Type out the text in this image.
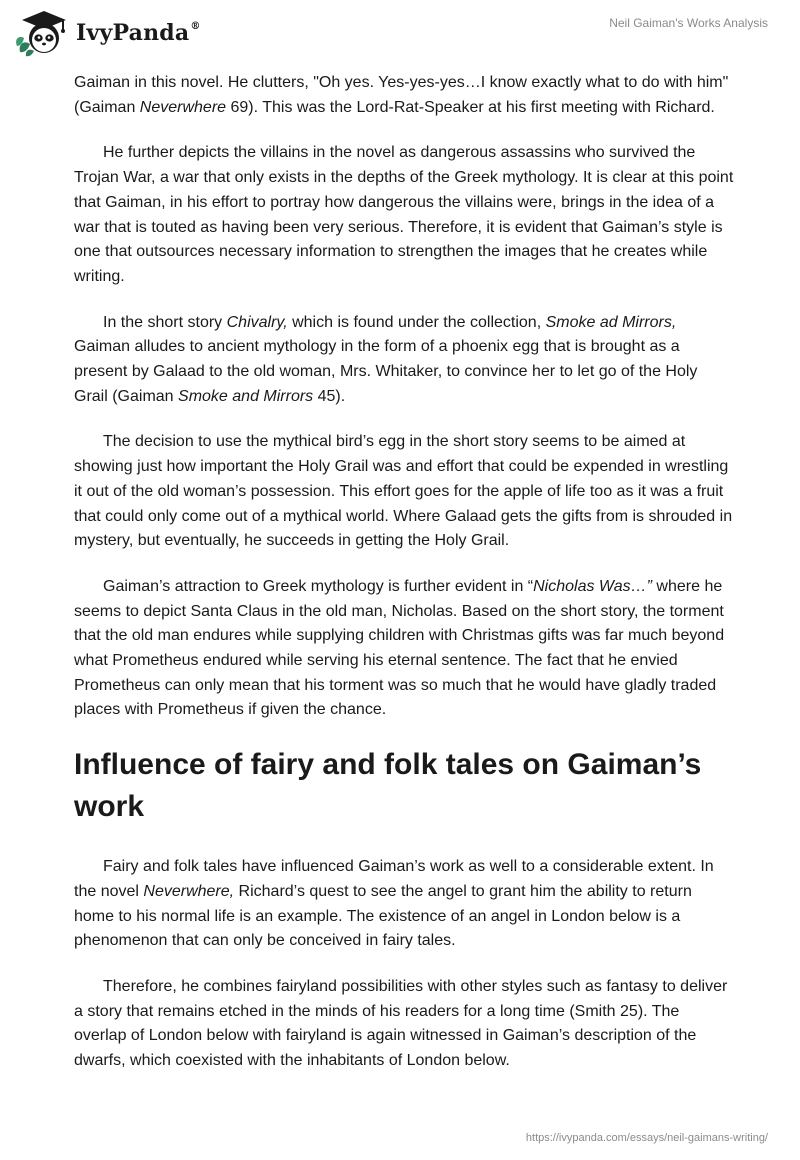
IvyPanda®	Neil Gaiman's Works Analysis

Gaiman in this novel. He clutters, "Oh yes. Yes-yes-yes…I know exactly what to do with him" (Gaiman Neverwhere 69). This was the Lord-Rat-Speaker at his first meeting with Richard.

He further depicts the villains in the novel as dangerous assassins who survived the Trojan War, a war that only exists in the depths of the Greek mythology. It is clear at this point that Gaiman, in his effort to portray how dangerous the villains were, brings in the idea of a war that is touted as having been very serious. Therefore, it is evident that Gaiman’s style is one that outsources necessary information to strengthen the images that he creates while writing.

In the short story Chivalry, which is found under the collection, Smoke ad Mirrors, Gaiman alludes to ancient mythology in the form of a phoenix egg that is brought as a present by Galaad to the old woman, Mrs. Whitaker, to convince her to let go of the Holy Grail (Gaiman Smoke and Mirrors 45).

The decision to use the mythical bird’s egg in the short story seems to be aimed at showing just how important the Holy Grail was and effort that could be expended in wrestling it out of the old woman’s possession. This effort goes for the apple of life too as it was a fruit that could only come out of a mythical world. Where Galaad gets the gifts from is shrouded in mystery, but eventually, he succeeds in getting the Holy Grail.

Gaiman’s attraction to Greek mythology is further evident in “Nicholas Was…” where he seems to depict Santa Claus in the old man, Nicholas. Based on the short story, the torment that the old man endures while supplying children with Christmas gifts was far much beyond what Prometheus endured while serving his eternal sentence. The fact that he envied Prometheus can only mean that his torment was so much that he would have gladly traded places with Prometheus if given the chance.

Influence of fairy and folk tales on Gaiman’s work

Fairy and folk tales have influenced Gaiman’s work as well to a considerable extent. In the novel Neverwhere, Richard’s quest to see the angel to grant him the ability to return home to his normal life is an example. The existence of an angel in London below is a phenomenon that can only be conceived in fairy tales.

Therefore, he combines fairyland possibilities with other styles such as fantasy to deliver a story that remains etched in the minds of his readers for a long time (Smith 25). The overlap of London below with fairyland is again witnessed in Gaiman’s description of the dwarfs, which coexisted with the inhabitants of London below.

https://ivypanda.com/essays/neil-gaimans-writing/
